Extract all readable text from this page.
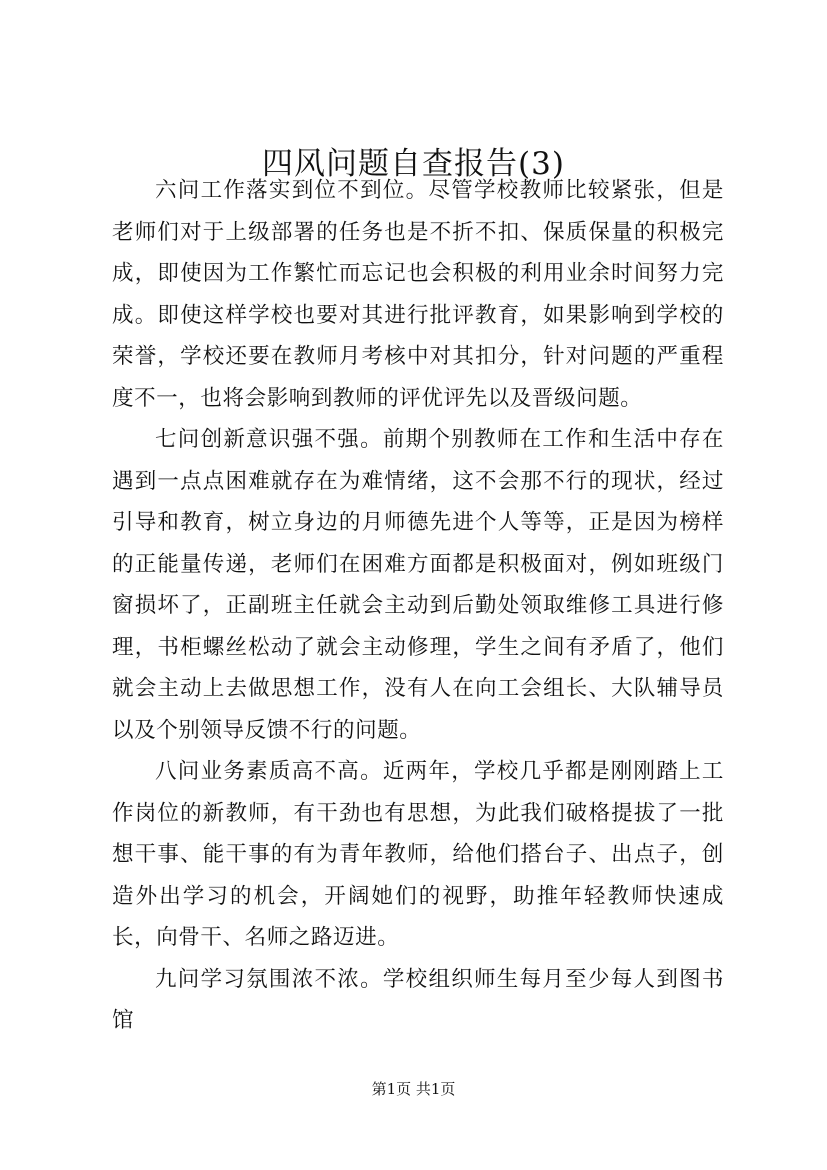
四风问题自查报告(3)

六问工作落实到位不到位。尽管学校教师比较紧张，但是老师们对于上级部署的任务也是不折不扣、保质保量的积极完成，即使因为工作繁忙而忘记也会积极的利用业余时间努力完成。即使这样学校也要对其进行批评教育，如果影响到学校的荣誉，学校还要在教师月考核中对其扣分，针对问题的严重程度不一，也将会影响到教师的评优评先以及晋级问题。

七问创新意识强不强。前期个别教师在工作和生活中存在遇到一点点困难就存在为难情绪，这不会那不行的现状，经过引导和教育，树立身边的月师德先进个人等等，正是因为榜样的正能量传递，老师们在困难方面都是积极面对，例如班级门窗损坏了，正副班主任就会主动到后勤处领取维修工具进行修理，书柜螺丝松动了就会主动修理，学生之间有矛盾了，他们就会主动上去做思想工作，没有人在向工会组长、大队辅导员以及个别领导反馈不行的问题。

八问业务素质高不高。近两年，学校几乎都是刚刚踏上工作岗位的新教师，有干劲也有思想，为此我们破格提拔了一批想干事、能干事的有为青年教师，给他们搭台子、出点子，创造外出学习的机会，开阔她们的视野，助推年轻教师快速成长，向骨干、名师之路迈进。

九问学习氛围浓不浓。学校组织师生每月至少每人到图书馆

第1页 共1页
